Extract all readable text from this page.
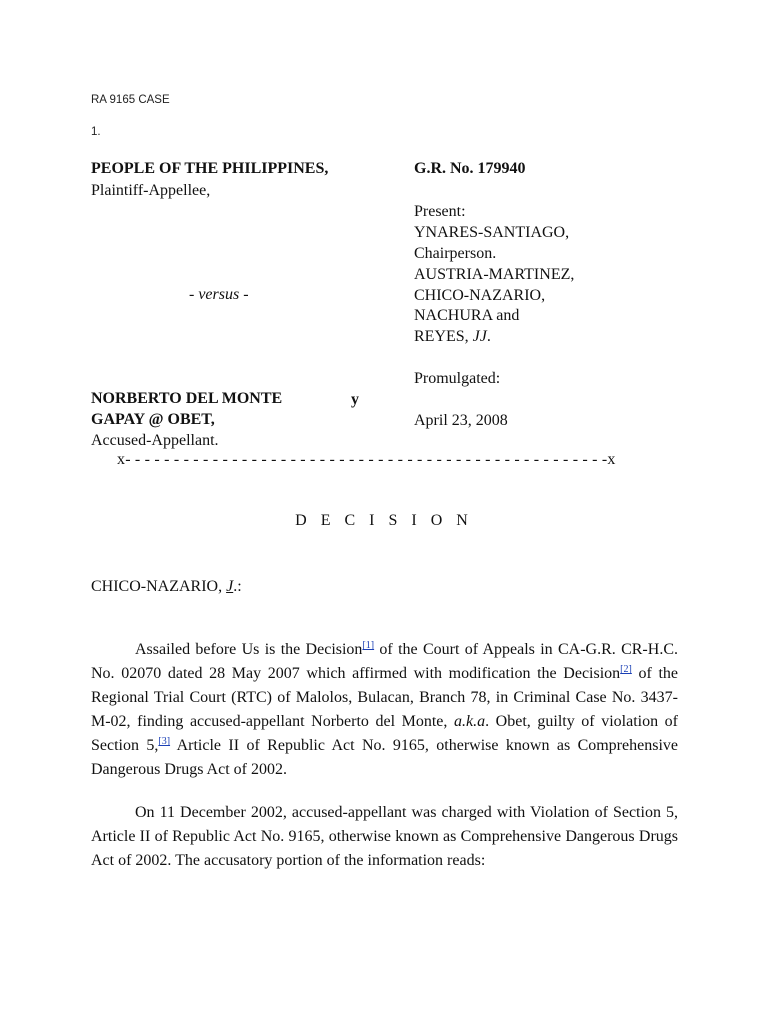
RA 9165 CASE
1.
PEOPLE OF THE PHILIPPINES,
Plaintiff-Appellee,
- versus -
NORBERTO DEL MONTE	y
GAPAY @ OBET,
Accused-Appellant.
G.R. No. 179940
Present:
YNARES-SANTIAGO,
Chairperson.
AUSTRIA-MARTINEZ,
CHICO-NAZARIO,
NACHURA and
REYES, JJ.
Promulgated:
April 23, 2008
x- - - - - - - - - - - - - - - - - - - - - - - - - - - - - - - - - - - - - - - - - - - - - - - - - -x
D E C I S I O N
CHICO-NAZARIO, J.:

Assailed before Us is the Decision[1] of the Court of Appeals in CA-G.R. CR-H.C. No. 02070 dated 28 May 2007 which affirmed with modification the Decision[2] of the Regional Trial Court (RTC) of Malolos, Bulacan, Branch 78, in Criminal Case No. 3437-M-02, finding accused-appellant Norberto del Monte, a.k.a. Obet, guilty of violation of Section 5,[3] Article II of Republic Act No. 9165, otherwise known as Comprehensive Dangerous Drugs Act of 2002.

On 11 December 2002, accused-appellant was charged with Violation of Section 5, Article II of Republic Act No. 9165, otherwise known as Comprehensive Dangerous Drugs Act of 2002. The accusatory portion of the information reads:
